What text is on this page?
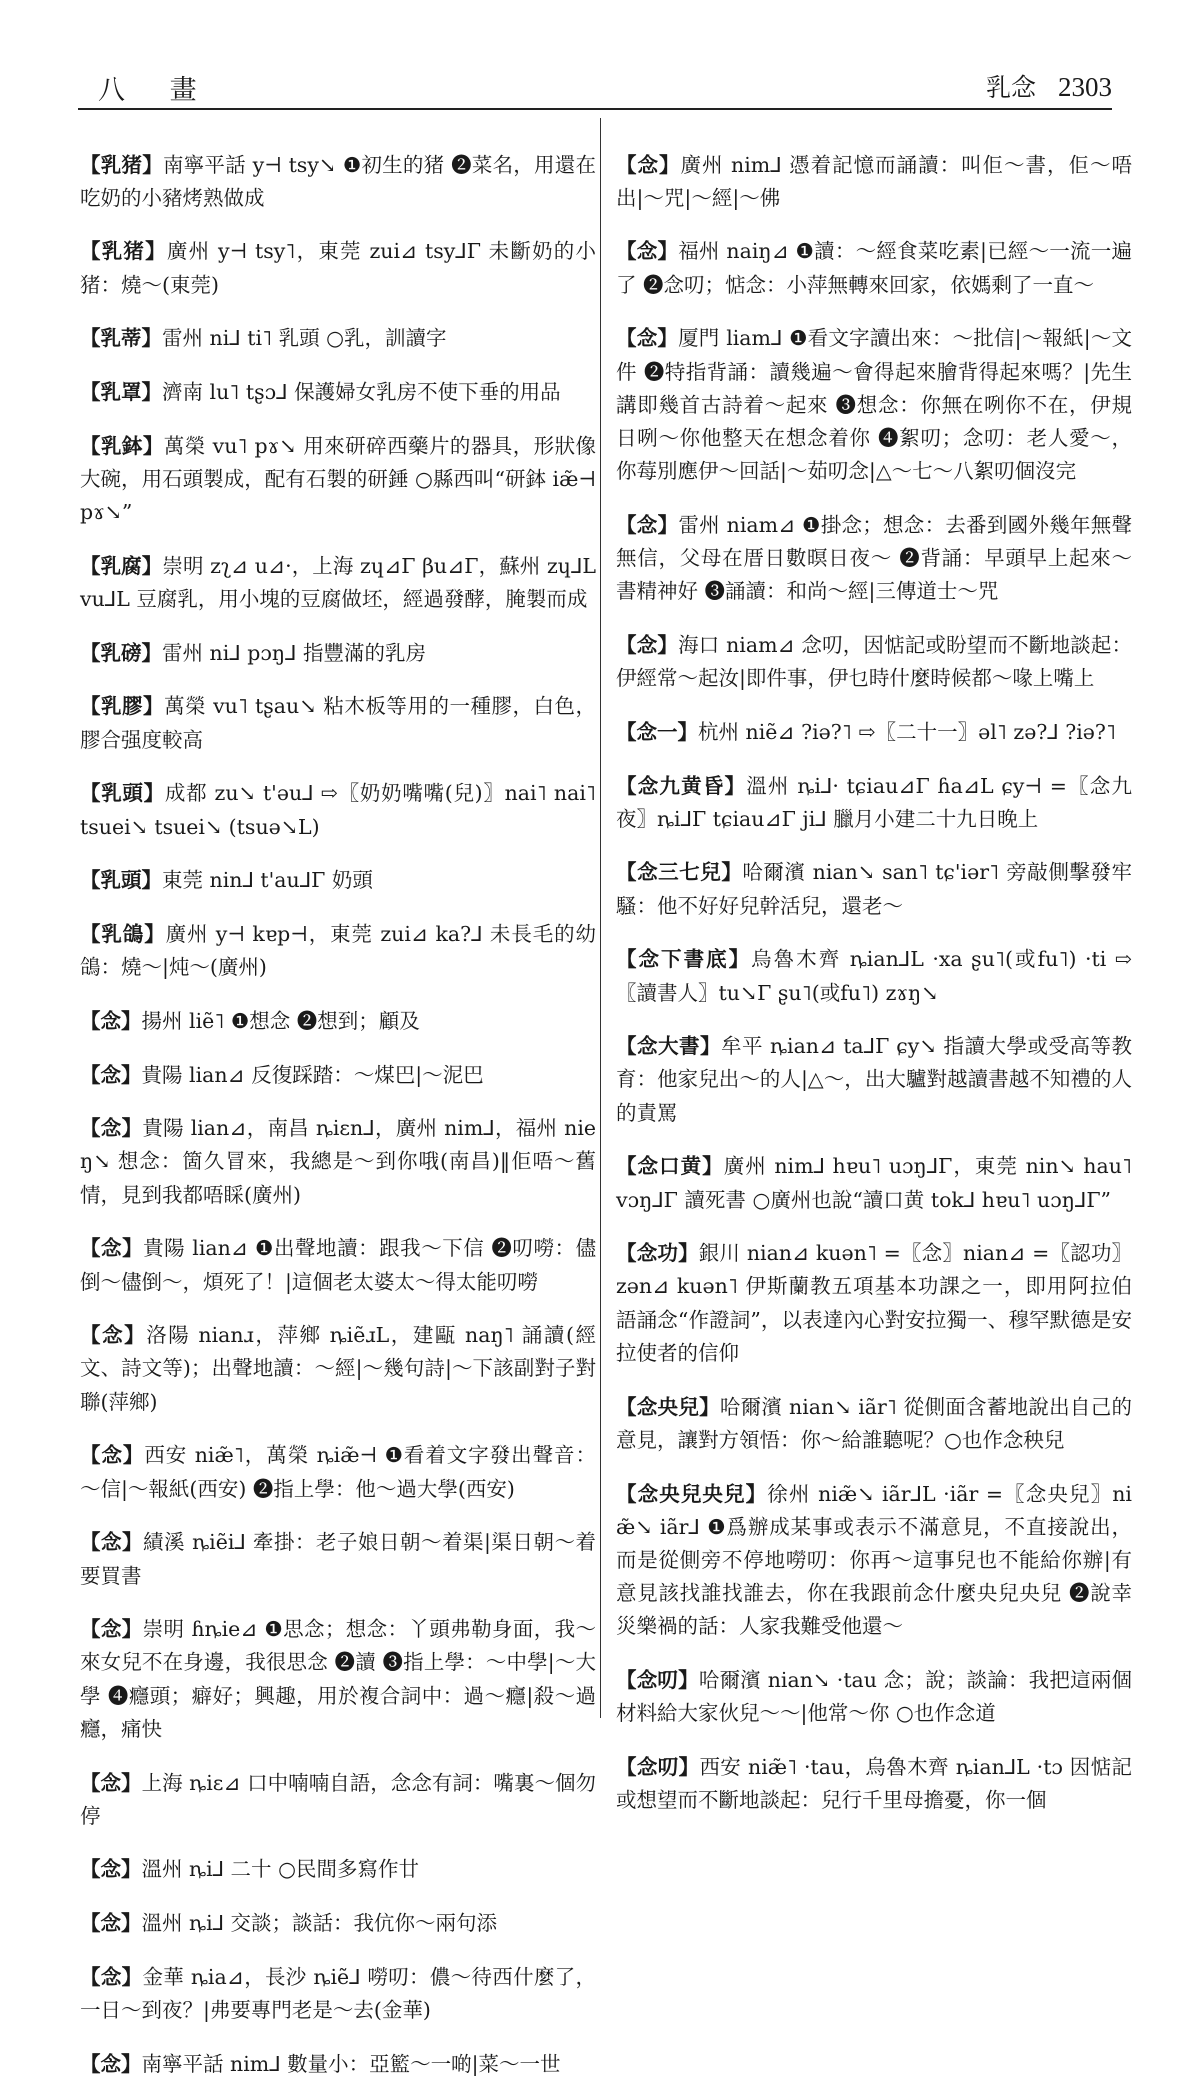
八 畫	乳念 2303

【乳猪】南寧平話 y⊣ tsy↘ ❶初生的猪 ❷菜名，用還在吃奶的小豬烤熟做成

【乳猪】廣州 y⊣ tsy˥，東莞 zui⊿ tsy⅃Γ 未斷奶的小猪：燒～(東莞)

【乳蒂】雷州 ni⅃ ti˥ 乳頭 ○乳，訓讀字

【乳罩】濟南 lu˥ tʂɔ⅃ 保護婦女乳房不使下垂的用品

【乳鉢】萬榮 vu˥ pɤ↘ 用來研碎西藥片的器具，形狀像大碗，用石頭製成，配有石製的研錘 ○縣西叫“研鉢 iæ̃⊣ pɤ↘”

【乳腐】崇明 zʅ⊿ u⊿·，上海 zɥ⊿Γ βu⊿Γ，蘇州 zɥ⅃L vu⅃L 豆腐乳，用小塊的豆腐做坯，經過發酵，腌製而成

【乳磅】雷州 ni⅃ pɔŋ⅃ 指豐滿的乳房

【乳膠】萬榮 vu˥ tʂau↘ 粘木板等用的一種膠，白色，膠合强度較高

【乳頭】成都 zu↘ t'əu⅃ ⇨〖奶奶嘴嘴(兒)〗nai˥ nai˥ tsuei↘ tsuei↘ (tsuə↘L)

【乳頭】東莞 nin⅃ t'au⅃Γ 奶頭

【乳鴿】廣州 y⊣ kɐp⊣，東莞 zui⊿ ka?⅃ 未長毛的幼鴿：燒～|炖～(廣州)

【念】揚州 liẽ˥ ❶想念 ❷想到；顧及

【念】貴陽 lian⊿ 反復踩踏：～煤巴|～泥巴

【念】貴陽 lian⊿，南昌 ȵiɛn⅃，廣州 nim⅃，福州 nieŋ↘ 想念：箇久冒來，我總是～到你哦(南昌)‖佢唔～舊情，見到我都唔睬(廣州)

【念】貴陽 lian⊿ ❶出聲地讀：跟我～下信 ❷叨嘮：儘倒～儘倒～，煩死了！|這個老太婆太～得太能叨嘮

【念】洛陽 nianɹ，萍鄉 ȵiẽɹL，建甌 naŋ˥ 誦讀(經文、詩文等)；出聲地讀：～經|～幾句詩|～下該副對子對聯(萍鄉)

【念】西安 niæ̃˥，萬榮 ȵiæ̃⊣ ❶看着文字發出聲音：～信|～報紙(西安) ❷指上學：他～過大學(西安)

【念】績溪 ȵiẽi⅃ 牽掛：老子娘日朝～着渠|渠日朝～着要買書

【念】崇明 ɦȵie⊿ ❶思念；想念：丫頭弗勒身面，我～來女兒不在身邊，我很思念 ❷讀 ❸指上學：～中學|～大學 ❹癮頭；癖好；興趣，用於複合詞中：過～癮|殺～過癮，痛快

【念】上海 ȵiɛ⊿ 口中喃喃自語，念念有詞：嘴裏～個勿停

【念】溫州 ȵi⅃ 二十 ○民間多寫作廿

【念】溫州 ȵi⅃ 交談；談話：我伉你～兩句添

【念】金華 ȵia⊿，長沙 ȵiẽ⅃ 嘮叨：儂～待西什麼了，一日～到夜？|弗要專門老是～去(金華)

【念】南寧平話 nim⅃ 數量小：亞籃～一啲|菜～一世

【念】廣州 nim⅃ 憑着記憶而誦讀：叫佢～書，佢～唔出|～咒|～經|～佛

【念】福州 naiŋ⊿ ❶讀：～經食菜吃素|已經～一流一遍了 ❷念叨；惦念：小萍無轉來回家，依媽剩了一直～

【念】厦門 liam⅃ ❶看文字讀出來：～批信|～報紙|～文件 ❷特指背誦：讀幾遍～會得起來膾背得起來嗎？|先生講即幾首古詩着～起來 ❸想念：你無在咧你不在，伊規日咧～你他整天在想念着你 ❹絮叨；念叨：老人愛～，你莓別應伊～回話|～茹叨念|△～七～八絮叨個沒完

【念】雷州 niam⊿ ❶掛念；想念：去番到國外幾年無聲無信，父母在厝日數暝日夜～ ❷背誦：早頭早上起來～書精神好 ❸誦讀：和尚～經|三傳道士～咒

【念】海口 niam⊿ 念叨，因惦記或盼望而不斷地談起：伊經常～起汝|即件事，伊乜時什麼時候都～喙上嘴上

【念一】杭州 niẽ⊿ ?iə?˥ ⇨〖二十一〗əl˥ zə?⅃ ?iə?˥

【念九黄昏】溫州 ȵi⅃· tɕiau⊿Γ ɦa⊿L ɕy⊣ =〖念九夜〗ȵi⅃Γ tɕiau⊿Γ ji⅃ 臘月小建二十九日晚上

【念三七兒】哈爾濱 nian↘ san˥ tɕ'iər˥ 旁敲側擊發牢騷：他不好好兒幹活兒，還老～

【念下書底】烏魯木齊 ȵian⅃L ·xa ʂu˥(或fu˥) ·ti ⇨〖讀書人〗tu↘Γ ʂu˥(或fu˥) zɤŋ↘

【念大書】牟平 ȵian⊿ ta⅃Γ ɕy↘ 指讀大學或受高等教育：他家兒出～的人|△～，出大驢對越讀書越不知禮的人的責罵

【念口黄】廣州 nim⅃ hɐu˥ uɔŋ⅃Γ，東莞 nin↘ hau˥ vɔŋ⅃Γ 讀死書 ○廣州也說“讀口黄 tok⅃ hɐu˥ uɔŋ⅃Γ”

【念功】銀川 nian⊿ kuən˥ =〖念〗nian⊿ =〖認功〗zən⊿ kuən˥ 伊斯蘭教五項基本功課之一，即用阿拉伯語誦念“作證詞”，以表達內心對安拉獨一、穆罕默德是安拉使者的信仰

【念央兒】哈爾濱 nian↘ iãr˥ 從側面含蓄地說出自己的意見，讓對方領悟：你～給誰聽呢？○也作念秧兒

【念央兒央兒】徐州 niæ̃↘ iãr⅃L ·iãr =〖念央兒〗niæ̃↘ iãr⅃ ❶爲辦成某事或表示不滿意見，不直接說出，而是從側旁不停地嘮叨：你再～這事兒也不能給你辦|有意見該找誰找誰去，你在我跟前念什麼央兒央兒 ❷說幸災樂禍的話：人家我難受他還～

【念叨】哈爾濱 nian↘ ·tau 念；說；談論：我把這兩個材料給大家伙兒～～|他常～你 ○也作念道

【念叨】西安 niæ̃˥ ·tau，烏魯木齊 ȵian⅃L ·tɔ 因惦記或想望而不斷地談起：兒行千里母擔憂，你一個
